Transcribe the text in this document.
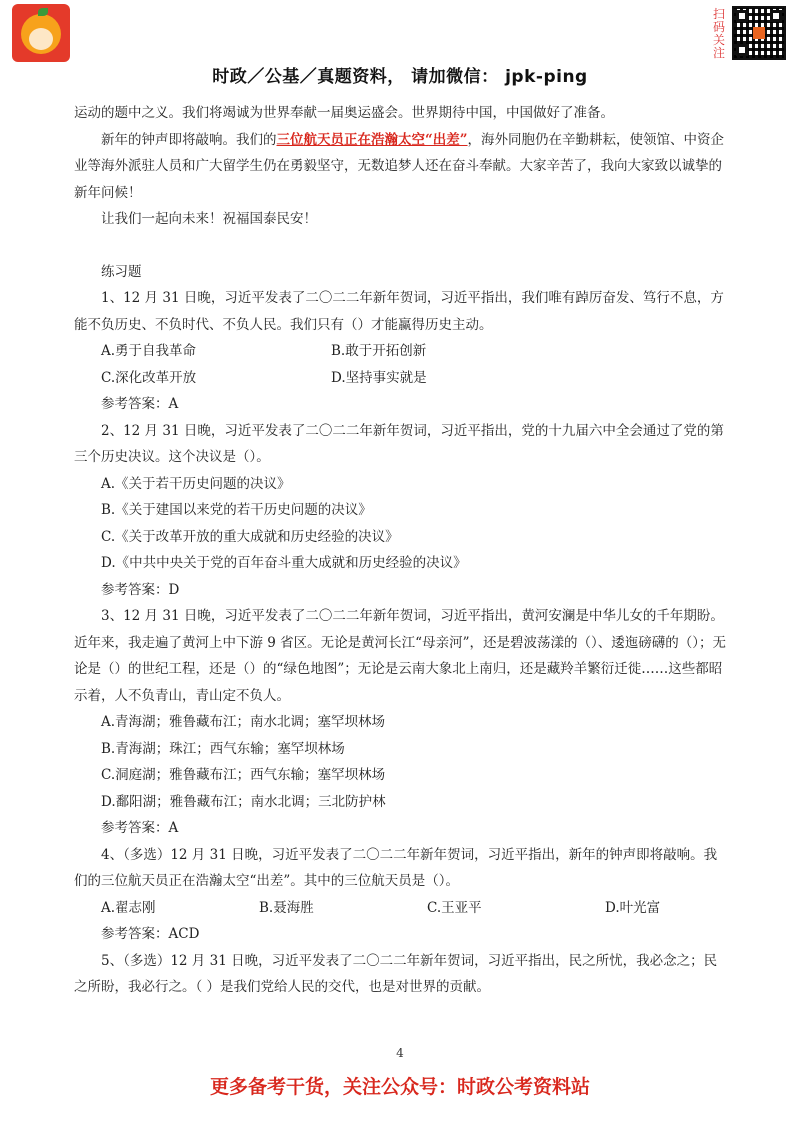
扫码关注
时政／公基／真题资料， 请加微信： jpk-ping

运动的题中之义。我们将竭诚为世界奉献一届奥运盛会。世界期待中国，中国做好了准备。

新年的钟声即将敲响。我们的三位航天员正在浩瀚太空“出差”，海外同胞仍在辛勤耕耘，使领馆、中资企业等海外派驻人员和广大留学生仍在勇毅坚守，无数追梦人还在奋斗奉献。大家辛苦了，我向大家致以诚挚的新年问候！

让我们一起向未来！祝福国泰民安！

练习题

1、12 月 31 日晚，习近平发表了二〇二二年新年贺词，习近平指出，我们唯有踔厉奋发、笃行不息，方能不负历史、不负时代、不负人民。我们只有（）才能赢得历史主动。

A.勇于自我革命	B.敢于开拓创新
C.深化改革开放	D.坚持事实就是

参考答案：A

2、12 月 31 日晚，习近平发表了二〇二二年新年贺词，习近平指出，党的十九届六中全会通过了党的第三个历史决议。这个决议是（）。

A.《关于若干历史问题的决议》

B.《关于建国以来党的若干历史问题的决议》

C.《关于改革开放的重大成就和历史经验的决议》

D.《中共中央关于党的百年奋斗重大成就和历史经验的决议》

参考答案：D

3、12 月 31 日晚，习近平发表了二〇二二年新年贺词，习近平指出，黄河安澜是中华儿女的千年期盼。近年来，我走遍了黄河上中下游 9 省区。无论是黄河长江“母亲河”，还是碧波荡漾的（）、逶迤磅礴的（）；无论是（）的世纪工程，还是（）的“绿色地图”；无论是云南大象北上南归，还是藏羚羊繁衍迁徙……这些都昭示着，人不负青山，青山定不负人。

A.青海湖；雅鲁藏布江；南水北调；塞罕坝林场

B.青海湖；珠江；西气东输；塞罕坝林场

C.洞庭湖；雅鲁藏布江；西气东输；塞罕坝林场

D.鄱阳湖；雅鲁藏布江；南水北调；三北防护林

参考答案：A

4、（多选）12 月 31 日晚，习近平发表了二〇二二年新年贺词，习近平指出，新年的钟声即将敲响。我们的三位航天员正在浩瀚太空“出差”。其中的三位航天员是（）。

A.翟志刚	B.聂海胜	C.王亚平	D.叶光富

参考答案：ACD

5、（多选）12 月 31 日晚，习近平发表了二〇二二年新年贺词，习近平指出，民之所忧，我必念之；民之所盼，我必行之。（ ）是我们党给人民的交代，也是对世界的贡献。

4
更多备考干货，关注公众号：时政公考资料站
